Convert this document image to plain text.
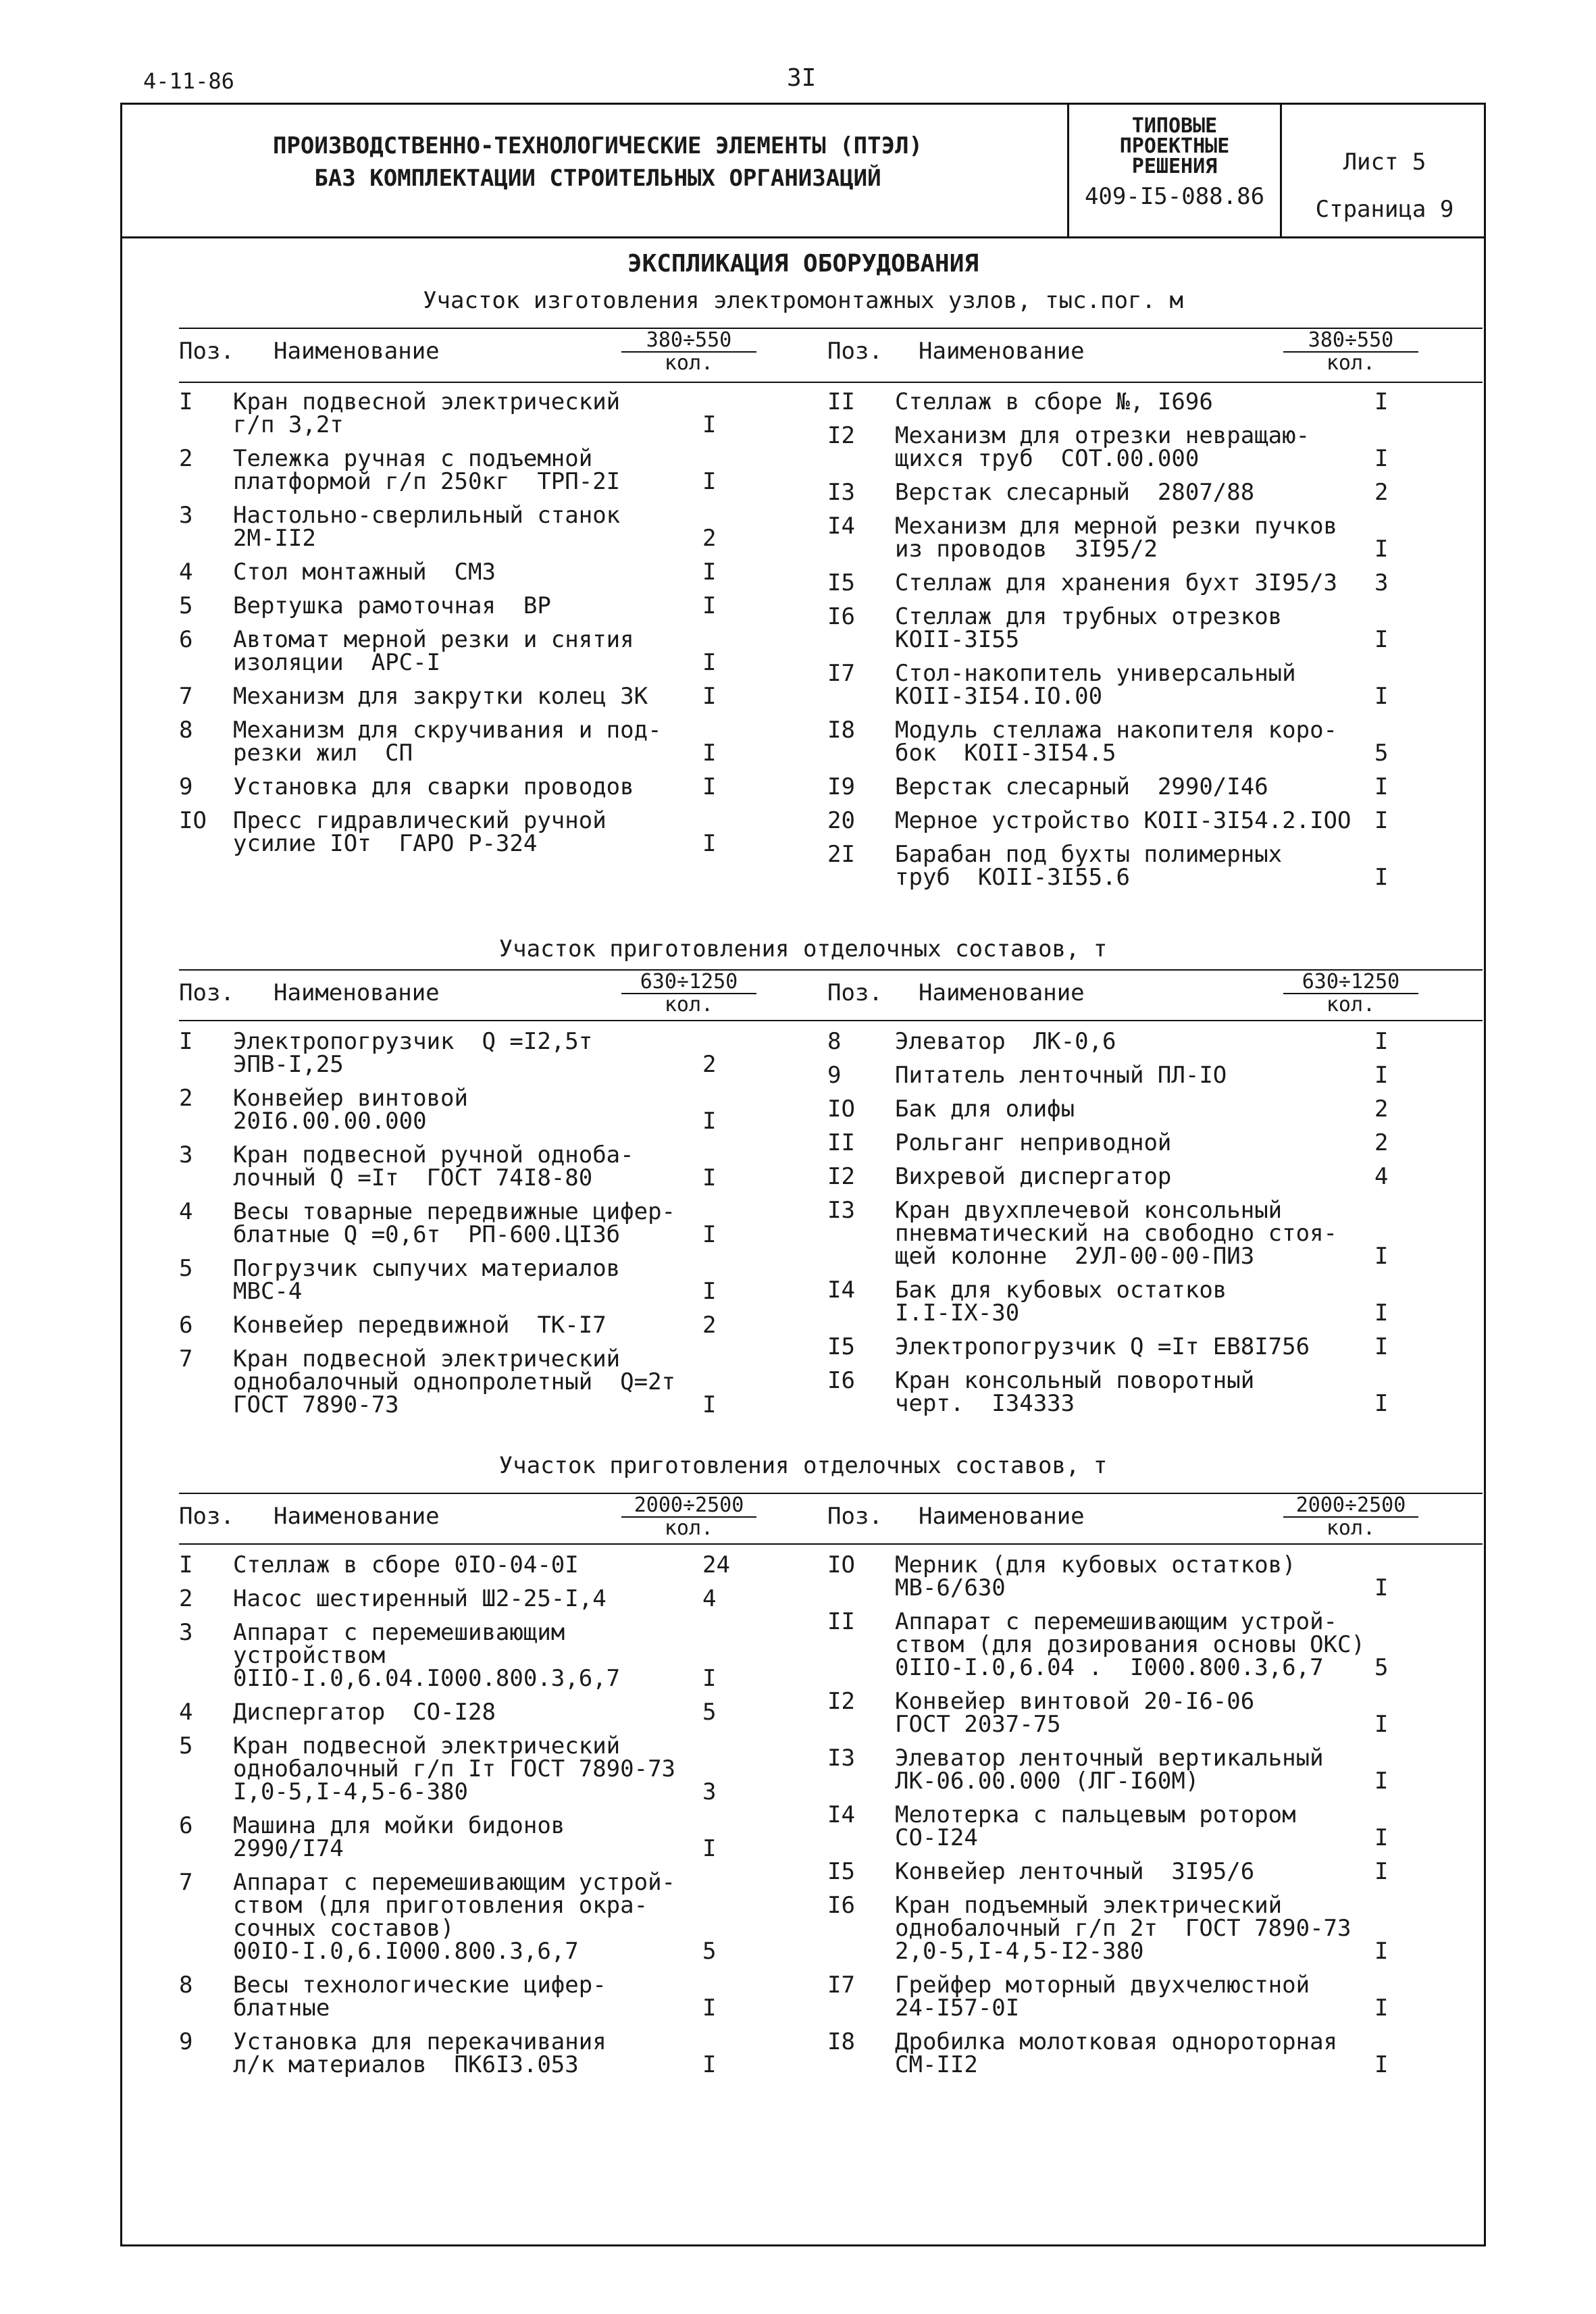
4-11-86	3I
ПРОИЗВОДСТВЕННО-ТЕХНОЛОГИЧЕСКИЕ ЭЛЕМЕНТЫ (ПТЭЛ)
БАЗ КОМПЛЕКТАЦИИ СТРОИТЕЛЬНЫХ ОРГАНИЗАЦИЙ
ТИПОВЫЕ
ПРОЕКТНЫЕ
РЕШЕНИЯ
409-I5-088.86
Лист 5
Страница 9
ЭКСПЛИКАЦИЯ ОБОРУДОВАНИЯ
Участок изготовления электромонтажных узлов, тыс.пог. м
Поз. Наименование	380÷550
кол.	Поз. Наименование	380÷550
кол.
I	Кран подвесной электрический
г/п 3,2т	I
2	Тележка ручная с подъемной
платформой г/п 250кг  ТРП-2I	I
3	Настольно-сверлильный станок
2М-II2	2
4	Стол монтажный  СМЗ	I
5	Вертушка рамоточная  ВР	I
6	Автомат мерной резки и снятия
изоляции  АРС-I	I
7	Механизм для закрутки колец ЗК I
8	Механизм для скручивания и под-
резки жил  СП	I
9	Установка для сварки проводов	I
IO	Пресс гидравлический ручной
усилие IОт  ГАРО Р-324	I
II	Стеллаж в сборе №, I696	I
I2	Механизм для отрезки невращаю-
щихся труб  СОТ.00.000	I
I3	Верстак слесарный  2807/88	2
I4	Механизм для мерной резки пучков
из проводов  3I95/2	I
I5	Стеллаж для хранения бухт 3I95/3 3
I6	Стеллаж для трубных отрезков
КОII-3I55	I
I7	Стол-накопитель универсальный
КОII-3I54.IO.00	I
I8	Модуль стеллажа накопителя коро-
бок  КОII-3I54.5	5
I9	Верстак слесарный  2990/I46	I
20	Мерное устройство КОII-3I54.2.IOO I
2I	Барабан под бухты полимерных
труб  КОII-3I55.6	I
Участок приготовления отделочных составов, т
Поз. Наименование	630÷1250
кол.	Поз. Наименование	630÷1250
кол.
I	Электропогрузчик  Q =I2,5т
ЭПВ-I,25	2
2	Конвейер винтовой
20I6.00.00.000	I
3	Кран подвесной ручной одноба-
лочный Q =Iт  ГОСТ 74I8-80	I
4	Весы товарные передвижные цифер-
блатные Q =0,6т  РП-600.ЦI3б	I
5	Погрузчик сыпучих материалов
МВС-4	I
6	Конвейер передвижной  ТК-I7	2
7	Кран подвесной электрический
однобалочный однопролетный  Q=2т
ГОСТ 7890-73	I
8	Элеватор  ЛК-0,6	I
9	Питатель ленточный ПЛ-IO	I
IO	Бак для олифы	2
II	Рольганг неприводной	2
I2	Вихревой диспергатор	4
I3	Кран двухплечевой консольный
пневматический на свободно стоя-
щей колонне  2УЛ-00-00-ПИЗ	I
I4	Бак для кубовых остатков
I.I-IХ-30	I
I5	Электропогрузчик Q =Iт ЕВ8I756	I
I6	Кран консольный поворотный
черт.  I34333	I
Участок приготовления отделочных составов, т
Поз. Наименование	2000÷2500
кол.	Поз. Наименование	2000÷2500
кол.
I	Стеллаж в сборе 0IO-04-0I	24
2	Насос шестиренный Ш2-25-I,4	4
3	Аппарат с перемешивающим
устройством
0IIO-I.0,6.04.I000.800.3,6,7	I
4	Диспергатор  СО-I28	5
5	Кран подвесной электрический
однобалочный г/п Iт ГОСТ 7890-73
I,0-5,I-4,5-6-380	3
6	Машина для мойки бидонов
2990/I74	I
7	Аппарат с перемешивающим устрой-
ством (для приготовления окра-
сочных составов)
00IO-I.0,6.I000.800.3,6,7	5
8	Весы технологические цифер-
блатные	I
9	Установка для перекачивания
л/к материалов  ПК6I3.053	I
IO	Мерник (для кубовых остатков)
МВ-6/630	I
II	Аппарат с перемешивающим устрой-
ством (для дозирования основы ОКС)
0IIO-I.0,6.04 .  I000.800.3,6,7	5
I2	Конвейер винтовой 20-I6-06
ГОСТ 2037-75	I
I3	Элеватор ленточный вертикальный
ЛК-06.00.000 (ЛГ-I60М)	I
I4	Мелотерка с пальцевым ротором
СО-I24	I
I5	Конвейер ленточный  3I95/6	I
I6	Кран подъемный электрический
однобалочный г/п 2т  ГОСТ 7890-73
2,0-5,I-4,5-I2-380	I
I7	Грейфер моторный двухчелюстной
24-I57-0I	I
I8	Дробилка молотковая однороторная
СМ-II2	I
